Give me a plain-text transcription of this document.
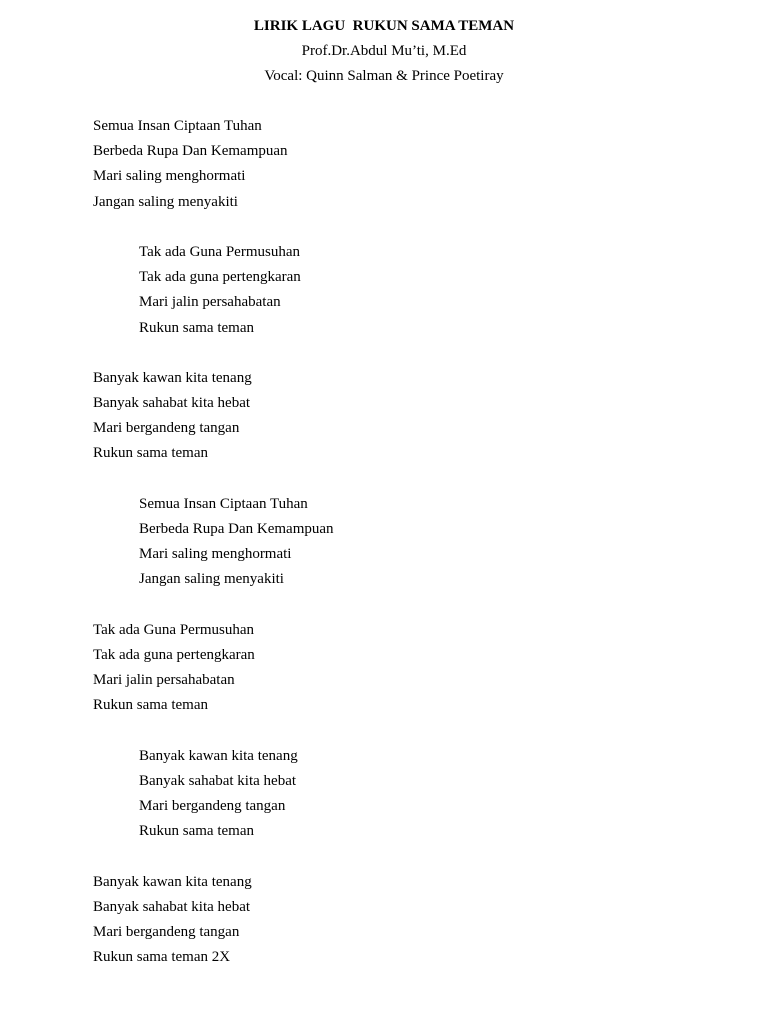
LIRIK LAGU  RUKUN SAMA TEMAN
Prof.Dr.Abdul Mu’ti, M.Ed
Vocal: Quinn Salman & Prince Poetiray
Semua Insan Ciptaan Tuhan
Berbeda Rupa Dan Kemampuan
Mari saling menghormati
Jangan saling menyakiti
Tak ada Guna Permusuhan
Tak ada guna pertengkaran
Mari jalin persahabatan
Rukun sama teman
Banyak kawan kita tenang
Banyak sahabat kita hebat
Mari bergandeng tangan
Rukun sama teman
Semua Insan Ciptaan Tuhan
Berbeda Rupa Dan Kemampuan
Mari saling menghormati
Jangan saling menyakiti
Tak ada Guna Permusuhan
Tak ada guna pertengkaran
Mari jalin persahabatan
Rukun sama teman
Banyak kawan kita tenang
Banyak sahabat kita hebat
Mari bergandeng tangan
Rukun sama teman
Banyak kawan kita tenang
Banyak sahabat kita hebat
Mari bergandeng tangan
Rukun sama teman 2X
